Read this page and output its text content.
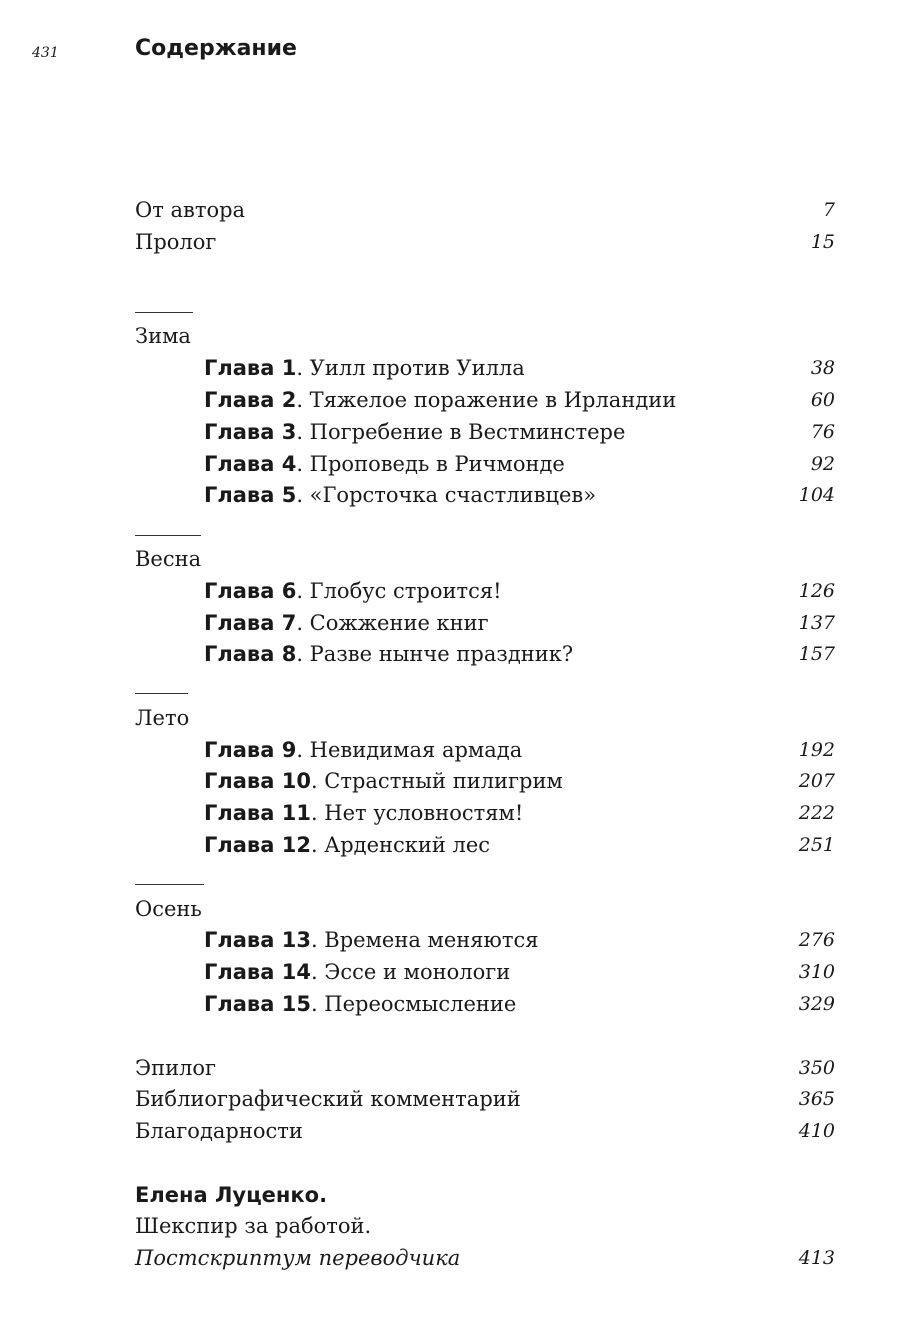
431	Содержание
От автора	7
Пролог	15
Зима
Глава 1. Уилл против Уилла	38
Глава 2. Тяжелое поражение в Ирландии	60
Глава 3. Погребение в Вестминстере	76
Глава 4. Проповедь в Ричмонде	92
Глава 5. «Горсточка счастливцев»	104
Весна
Глава 6. Глобус строится!	126
Глава 7. Сожжение книг	137
Глава 8. Разве нынче праздник?	157
Лето
Глава 9. Невидимая армада	192
Глава 10. Страстный пилигрим	207
Глава 11. Нет условностям!	222
Глава 12. Арденский лес	251
Осень
Глава 13. Времена меняются	276
Глава 14. Эссе и монологи	310
Глава 15. Переосмысление	329
Эпилог	350
Библиографический комментарий	365
Благодарности	410
Елена Луценко.
Шекспир за работой.
Постскриптум переводчика	413
